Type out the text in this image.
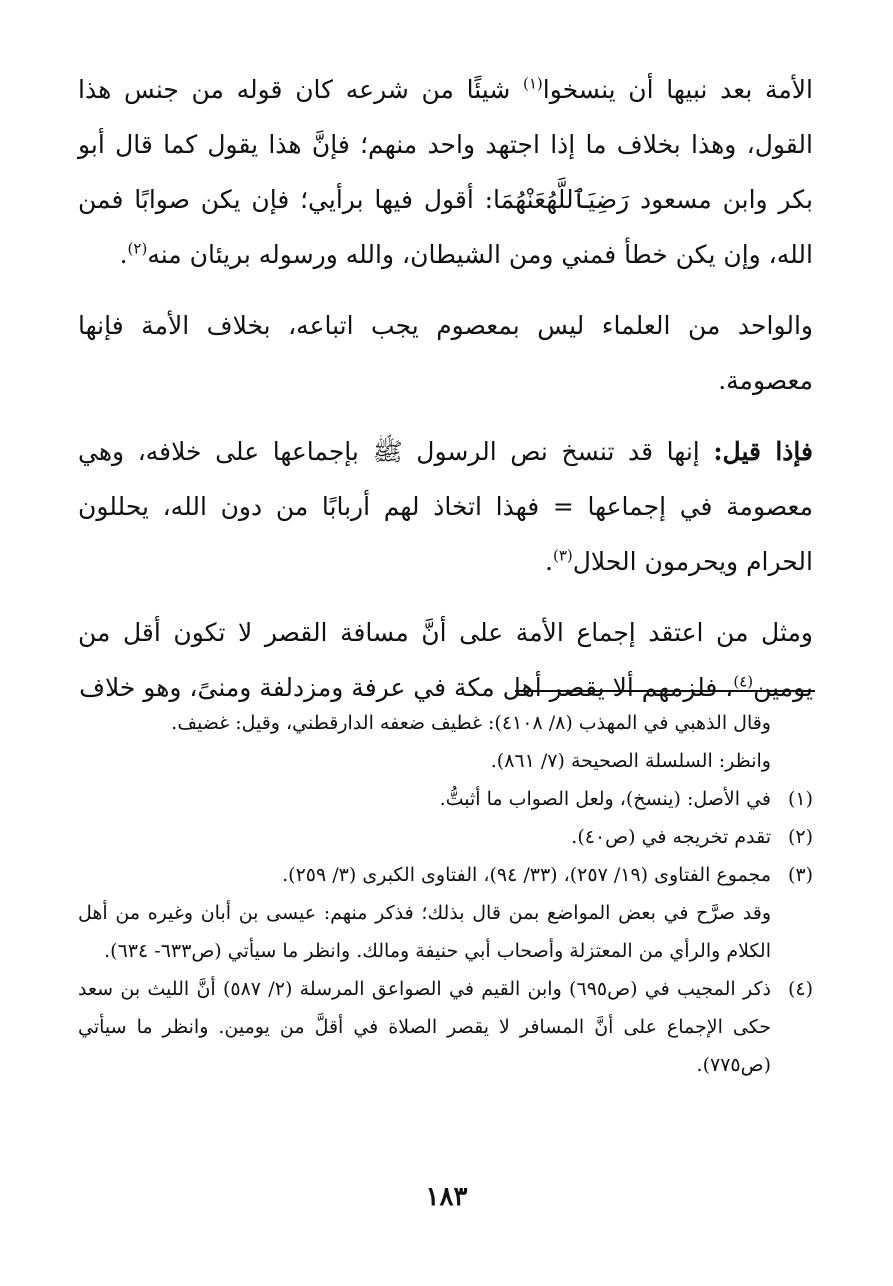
الأمة بعد نبيها أن ينسخوا$^{(١)}$ شيئًا من شرعه كان قوله من جنس هذا القول، وهذا بخلاف ما إذا اجتهد واحد منهم؛ فإنَّ هذا يقول كما قال أبو بكر وابن مسعود رَضِيَٱللَّهُعَنْهُمَا: أقول فيها برأيي؛ فإن يكن صوابًا فمن الله، وإن يكن خطأ فمني ومن الشيطان، والله ورسوله بريئان منه$^{(٢)}$.

والواحد من العلماء ليس بمعصوم يجب اتباعه، بخلاف الأمة فإنها معصومة.

فإذا قيل: إنها قد تنسخ نص الرسول ﷺ بإجماعها على خلافه، وهي معصومة في إجماعها = فهذا اتخاذ لهم أربابًا من دون الله، يحللون الحرام ويحرمون الحلال$^{(٣)}$.

ومثل من اعتقد إجماع الأمة على أنَّ مسافة القصر لا تكون أقل من يومين$^{(٤)}$، فلزمهم ألا يقصر أهل مكة في عرفة ومزدلفة ومنىً، وهو خلاف

وقال الذهبي في المهذب (٨/ ٤١٠٨): غطيف ضعفه الدارقطني، وقيل: غضيف.
وانظر: السلسلة الصحيحة (٧/ ٨٦١).
(١)
في الأصل: (ينسخ)، ولعل الصواب ما أثبتُّ.
(٢)
تقدم تخريجه في (ص٤٠).
(٣)
مجموع الفتاوى (١٩/ ٢٥٧)، (٣٣/ ٩٤)، الفتاوى الكبرى (٣/ ٢٥٩).
وقد صرَّح في بعض المواضع بمن قال بذلك؛ فذكر منهم: عيسى بن أبان وغيره من أهل الكلام والرأي من المعتزلة وأصحاب أبي حنيفة ومالك. وانظر ما سيأتي (ص٦٣٣- ٦٣٤).
(٤)
ذكر المجيب في (ص٦٩٥) وابن القيم في الصواعق المرسلة (٢/ ٥٨٧) أنَّ الليث بن سعد حكى الإجماع على أنَّ المسافر لا يقصر الصلاة في أقلَّ من يومين. وانظر ما سيأتي (ص٧٧٥).
١٨٣
